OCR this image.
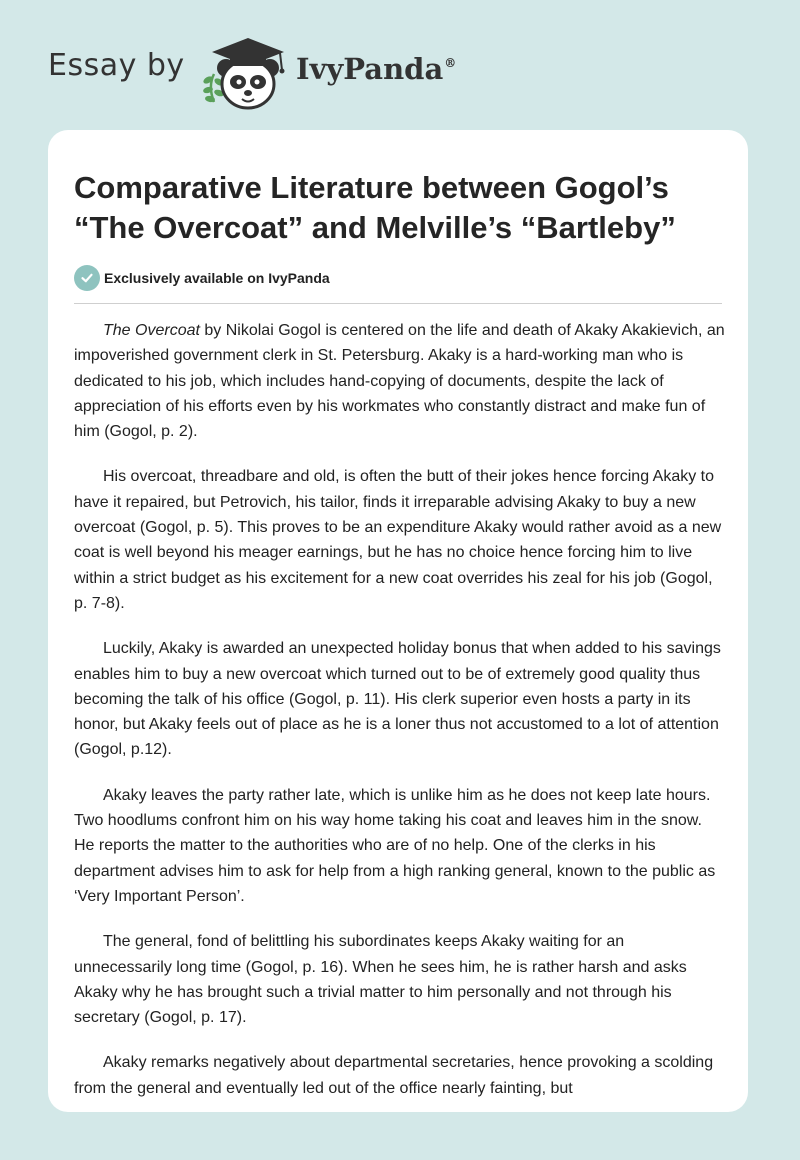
Essay by	IvyPanda®
Comparative Literature between Gogol’s “The Overcoat” and Melville’s “Bartleby”
Exclusively available on IvyPanda

The Overcoat by Nikolai Gogol is centered on the life and death of Akaky Akakievich, an impoverished government clerk in St. Petersburg. Akaky is a hard-working man who is dedicated to his job, which includes hand-copying of documents, despite the lack of appreciation of his efforts even by his workmates who constantly distract and make fun of him (Gogol, p. 2).

His overcoat, threadbare and old, is often the butt of their jokes hence forcing Akaky to have it repaired, but Petrovich, his tailor, finds it irreparable advising Akaky to buy a new overcoat (Gogol, p. 5). This proves to be an expenditure Akaky would rather avoid as a new coat is well beyond his meager earnings, but he has no choice hence forcing him to live within a strict budget as his excitement for a new coat overrides his zeal for his job (Gogol, p. 7-8).

Luckily, Akaky is awarded an unexpected holiday bonus that when added to his savings enables him to buy a new overcoat which turned out to be of extremely good quality thus becoming the talk of his office (Gogol, p. 11). His clerk superior even hosts a party in its honor, but Akaky feels out of place as he is a loner thus not accustomed to a lot of attention (Gogol, p.12).

Akaky leaves the party rather late, which is unlike him as he does not keep late hours. Two hoodlums confront him on his way home taking his coat and leaves him in the snow. He reports the matter to the authorities who are of no help. One of the clerks in his department advises him to ask for help from a high ranking general, known to the public as ‘Very Important Person’.

The general, fond of belittling his subordinates keeps Akaky waiting for an unnecessarily long time (Gogol, p. 16). When he sees him, he is rather harsh and asks Akaky why he has brought such a trivial matter to him personally and not through his secretary (Gogol, p. 17).

Akaky remarks negatively about departmental secretaries, hence provoking a scolding from the general and eventually led out of the office nearly fainting, but
